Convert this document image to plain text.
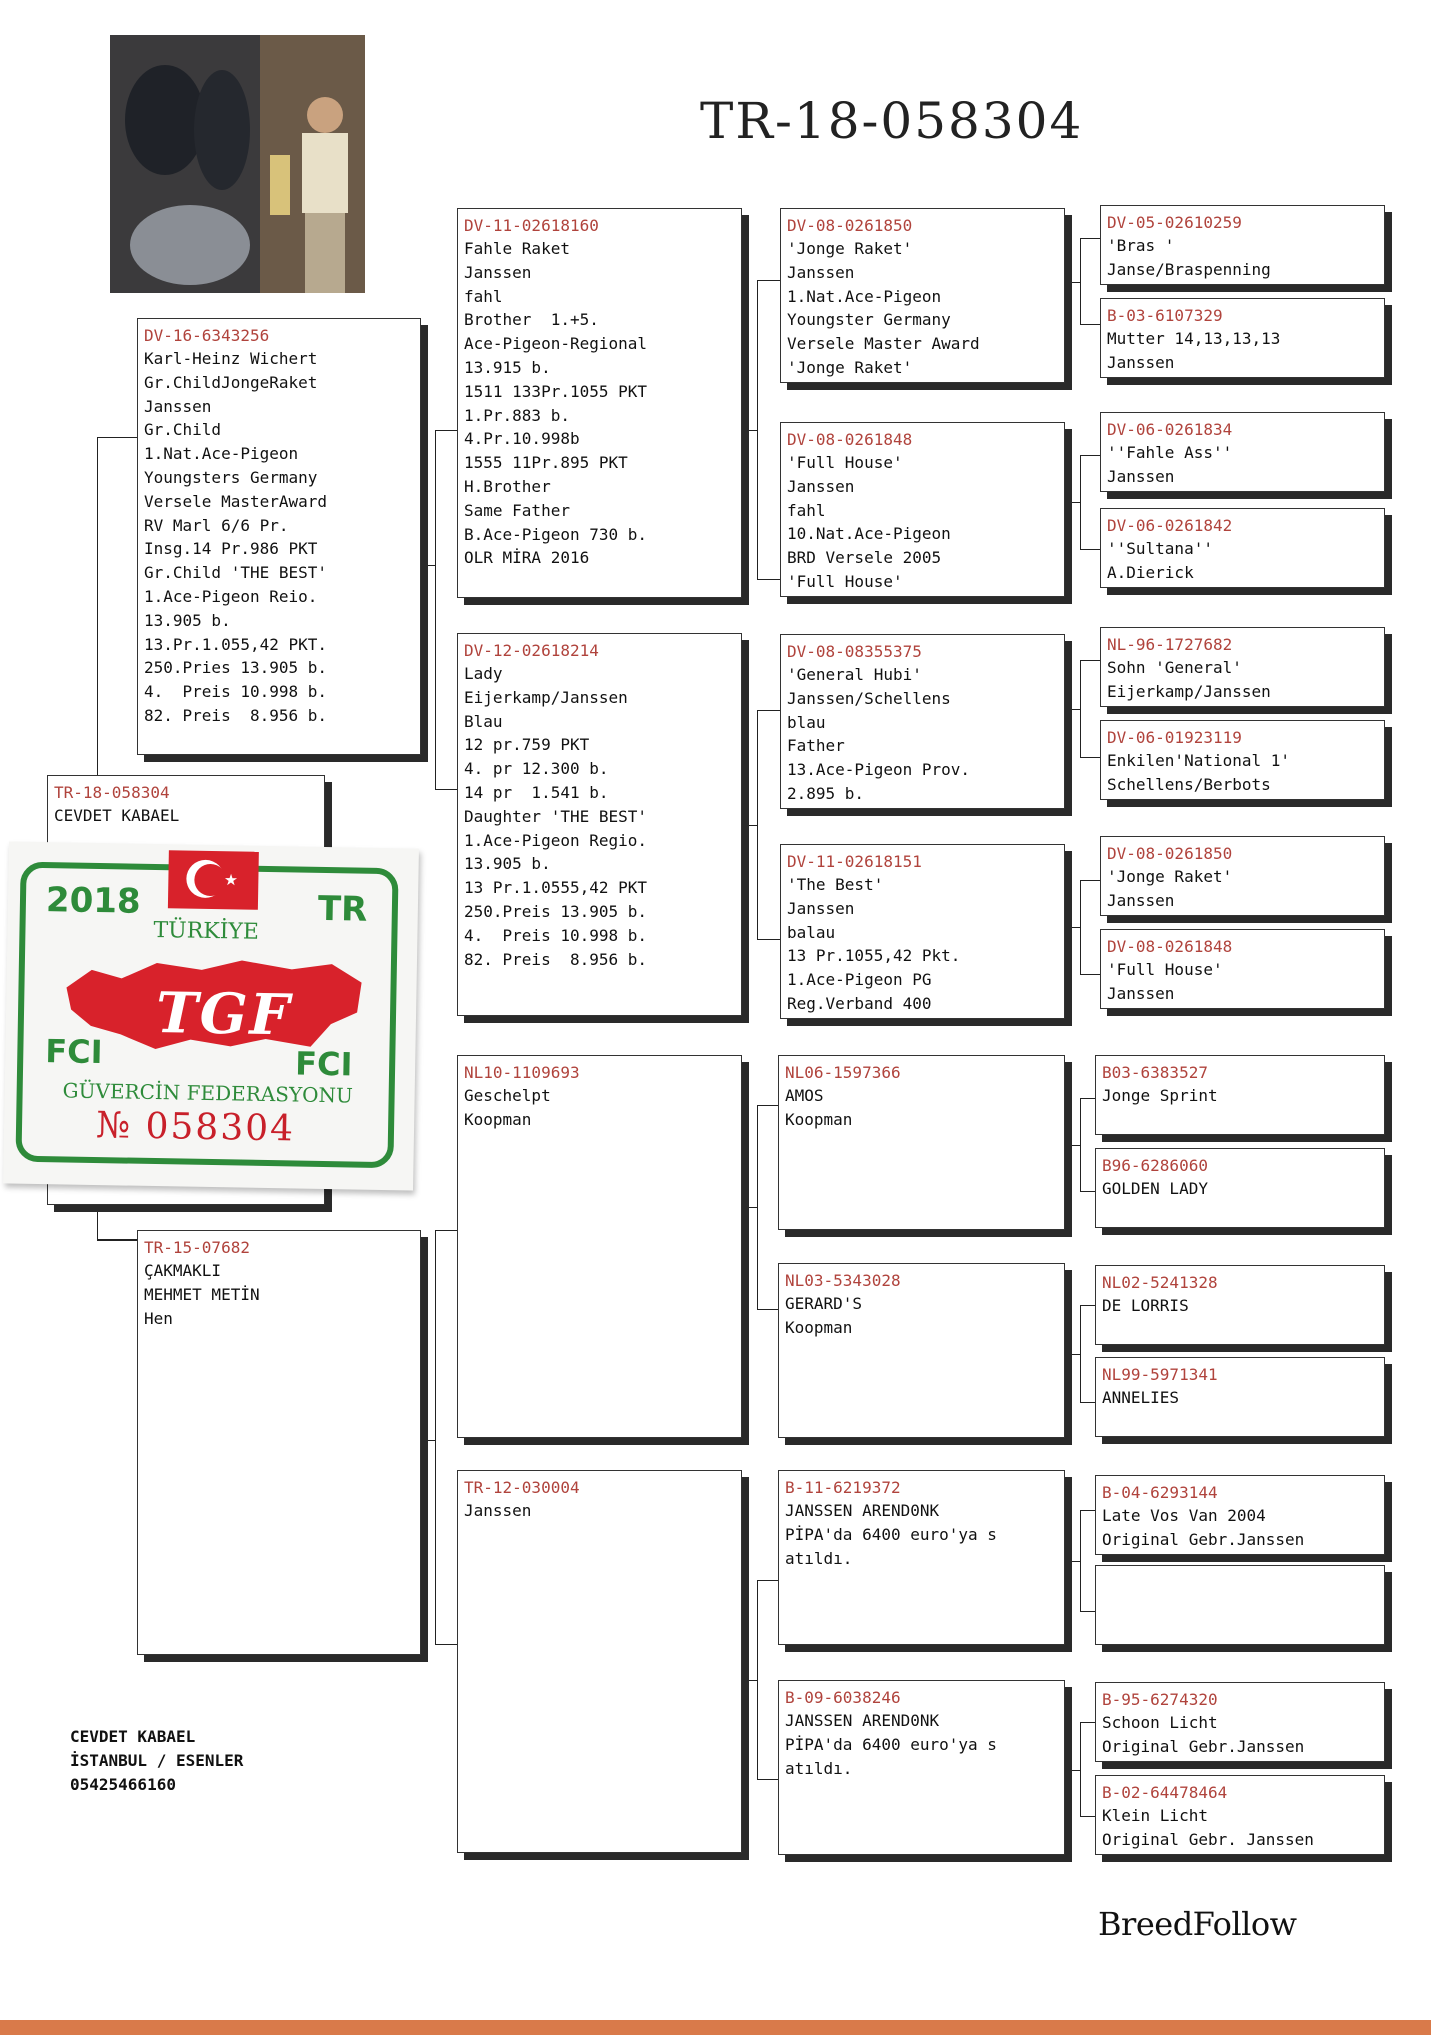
TR-18-058304
DV-16-6343256
Karl-Heinz Wichert
Gr.ChildJongeRaket
Janssen
Gr.Child
1.Nat.Ace-Pigeon
Youngsters Germany
Versele MasterAward
RV Marl 6/6 Pr.
Insg.14 Pr.986 PKT
Gr.Child 'THE BEST'
1.Ace-Pigeon Reio.
13.905 b.
13.Pr.1.055,42 PKT.
250.Pries 13.905 b.
4.  Preis 10.998 b.
82. Preis  8.956 b.
TR-18-058304
CEVDET KABAEL
TR-15-07682
ÇAKMAKLI
MEHMET METİN
Hen
DV-11-02618160
Fahle Raket
Janssen
fahl
Brother  1.+5.
Ace-Pigeon-Regional
13.915 b.
1511 133Pr.1055 PKT
1.Pr.883 b.
4.Pr.10.998b
1555 11Pr.895 PKT
H.Brother
Same Father
B.Ace-Pigeon 730 b.
OLR MİRA 2016
DV-12-02618214
Lady
Eijerkamp/Janssen
Blau
12 pr.759 PKT
4. pr 12.300 b.
14 pr  1.541 b.
Daughter 'THE BEST'
1.Ace-Pigeon Regio.
13.905 b.
13 Pr.1.0555,42 PKT
250.Preis 13.905 b.
4.  Preis 10.998 b.
82. Preis  8.956 b.
NL10-1109693
Geschelpt
Koopman
TR-12-030004
Janssen
DV-08-0261850
'Jonge Raket'
Janssen
1.Nat.Ace-Pigeon
Youngster Germany
Versele Master Award
'Jonge Raket'
DV-08-0261848
'Full House'
Janssen
fahl
10.Nat.Ace-Pigeon
BRD Versele 2005
'Full House'
DV-08-08355375
'General Hubi'
Janssen/Schellens
blau
Father
13.Ace-Pigeon Prov.
2.895 b.
DV-11-02618151
'The Best'
Janssen
balau
13 Pr.1055,42 Pkt.
1.Ace-Pigeon PG
Reg.Verband 400
NL06-1597366
AMOS
Koopman
NL03-5343028
GERARD'S
Koopman
B-11-6219372
JANSSEN AREND0NK
PİPA'da 6400 euro'ya s
atıldı.
B-09-6038246
JANSSEN AREND0NK
PİPA'da 6400 euro'ya s
atıldı.
DV-05-02610259
'Bras '
Janse/Braspenning
B-03-6107329
Mutter 14,13,13,13
Janssen
DV-06-0261834
''Fahle Ass''
Janssen
DV-06-0261842
''Sultana''
A.Dierick
NL-96-1727682
Sohn 'General'
Eijerkamp/Janssen
DV-06-01923119
Enkilen'National 1'
Schellens/Berbots
DV-08-0261850
'Jonge Raket'
Janssen
DV-08-0261848
'Full House'
Janssen
B03-6383527
Jonge Sprint
B96-6286060
GOLDEN LADY
NL02-5241328
DE LORRIS
NL99-5971341
ANNELIES
B-04-6293144
Late Vos Van 2004
Original Gebr.Janssen
B-95-6274320
Schoon Licht
Original Gebr.Janssen
B-02-64478464
Klein Licht
Original Gebr. Janssen
★
2018	TR
TÜRKİYE
TGF
FCI	FCI
GÜVERCİN FEDERASYONU
№ 058304
CEVDET KABAEL
İSTANBUL / ESENLER
05425466160
BreedFollow
